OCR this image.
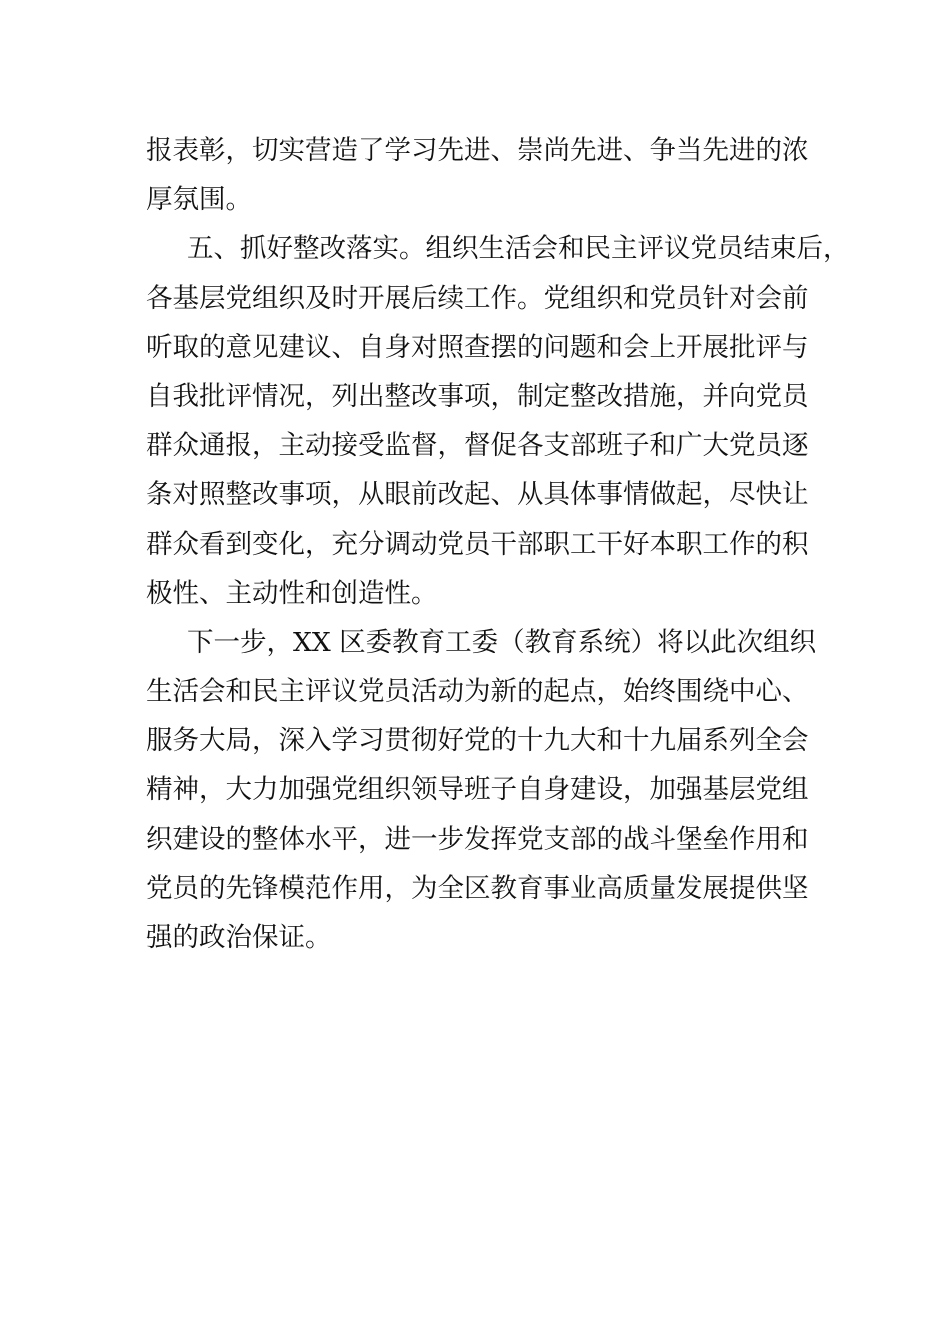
报表彰，切实营造了学习先进、崇尚先进、争当先进的浓
厚氛围。
五、抓好整改落实。组织生活会和民主评议党员结束后，
各基层党组织及时开展后续工作。党组织和党员针对会前
听取的意见建议、自身对照查摆的问题和会上开展批评与
自我批评情况，列出整改事项，制定整改措施，并向党员
群众通报，主动接受监督，督促各支部班子和广大党员逐
条对照整改事项，从眼前改起、从具体事情做起，尽快让
群众看到变化，充分调动党员干部职工干好本职工作的积
极性、主动性和创造性。
下一步，XX 区委教育工委（教育系统）将以此次组织
生活会和民主评议党员活动为新的起点，始终围绕中心、
服务大局，深入学习贯彻好党的十九大和十九届系列全会
精神，大力加强党组织领导班子自身建设，加强基层党组
织建设的整体水平，进一步发挥党支部的战斗堡垒作用和
党员的先锋模范作用，为全区教育事业高质量发展提供坚
强的政治保证。
